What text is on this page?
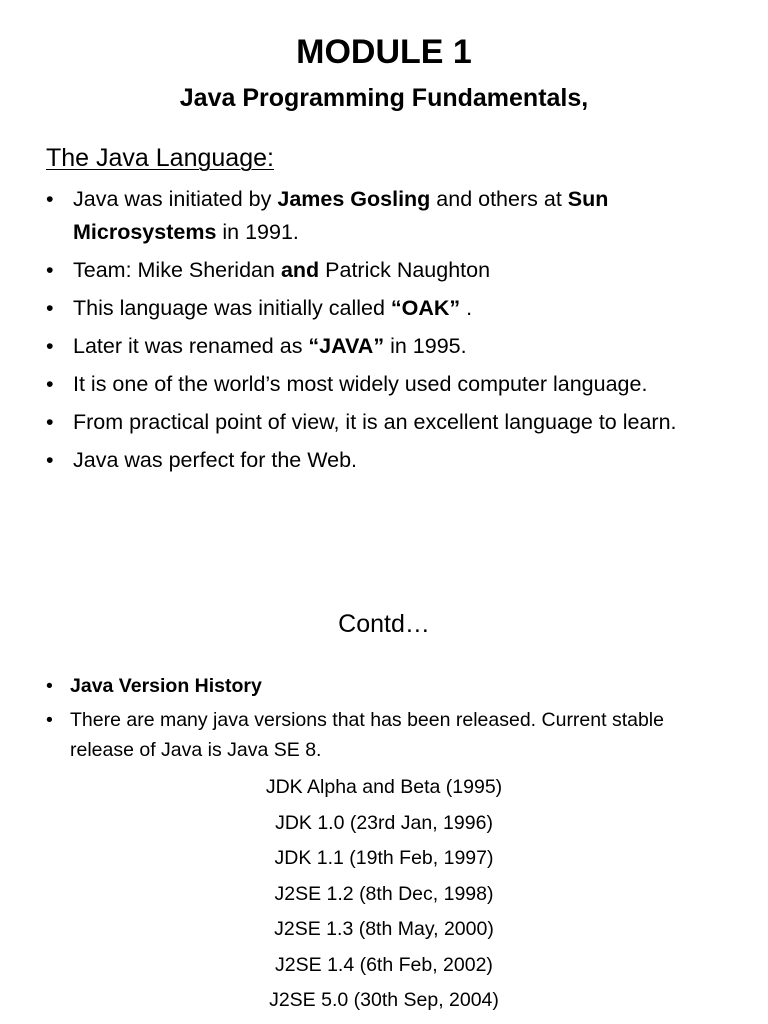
MODULE 1
Java Programming Fundamentals,
The Java Language:
• Java was initiated by James Gosling and others at Sun Microsystems in 1991.
• Team: Mike Sheridan and Patrick Naughton
• This language was initially called “OAK” .
• Later it was renamed as “JAVA” in 1995.
• It is one of the world’s most widely used computer language.
• From practical point of view, it is an excellent language to learn.
• Java was perfect for the Web.
Contd…
• Java Version History
• There are many java versions that has been released. Current stable release of Java is Java SE 8.
JDK Alpha and Beta (1995)
JDK 1.0 (23rd Jan, 1996)
JDK 1.1 (19th Feb, 1997)
J2SE 1.2 (8th Dec, 1998)
J2SE 1.3 (8th May, 2000)
J2SE 1.4 (6th Feb, 2002)
J2SE 5.0 (30th Sep, 2004)
